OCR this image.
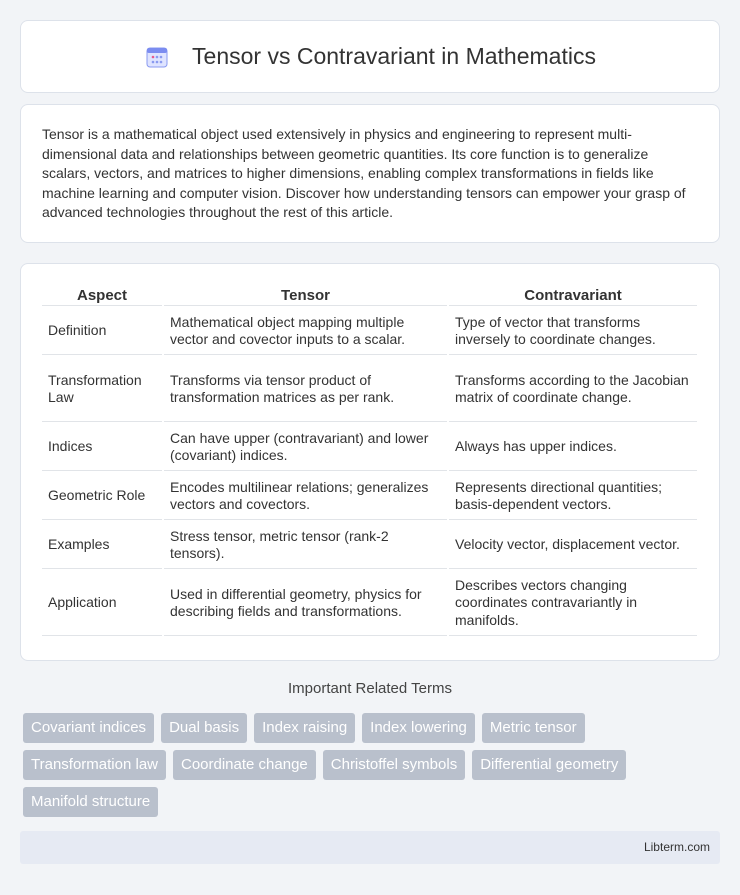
Tensor vs Contravariant in Mathematics

Tensor is a mathematical object used extensively in physics and engineering to represent multi-dimensional data and relationships between geometric quantities. Its core function is to generalize scalars, vectors, and matrices to higher dimensions, enabling complex transformations in fields like machine learning and computer vision. Discover how understanding tensors can empower your grasp of advanced technologies throughout the rest of this article.

Aspect	Tensor	Contravariant
Definition	Mathematical object mapping multiple vector and covector inputs to a scalar.	Type of vector that transforms inversely to coordinate changes.
Transformation Law	Transforms via tensor product of transformation matrices as per rank.	Transforms according to the Jacobian matrix of coordinate change.
Indices	Can have upper (contravariant) and lower (covariant) indices.	Always has upper indices.
Geometric Role	Encodes multilinear relations; generalizes vectors and covectors.	Represents directional quantities; basis-dependent vectors.
Examples	Stress tensor, metric tensor (rank-2 tensors).	Velocity vector, displacement vector.
Application	Used in differential geometry, physics for describing fields and transformations.	Describes vectors changing coordinates contravariantly in manifolds.
Important Related Terms
Covariant indices	Dual basis	Index raising	Index lowering	Metric tensor
Transformation law	Coordinate change	Christoffel symbols	Differential geometry
Manifold structure
Libterm.com
